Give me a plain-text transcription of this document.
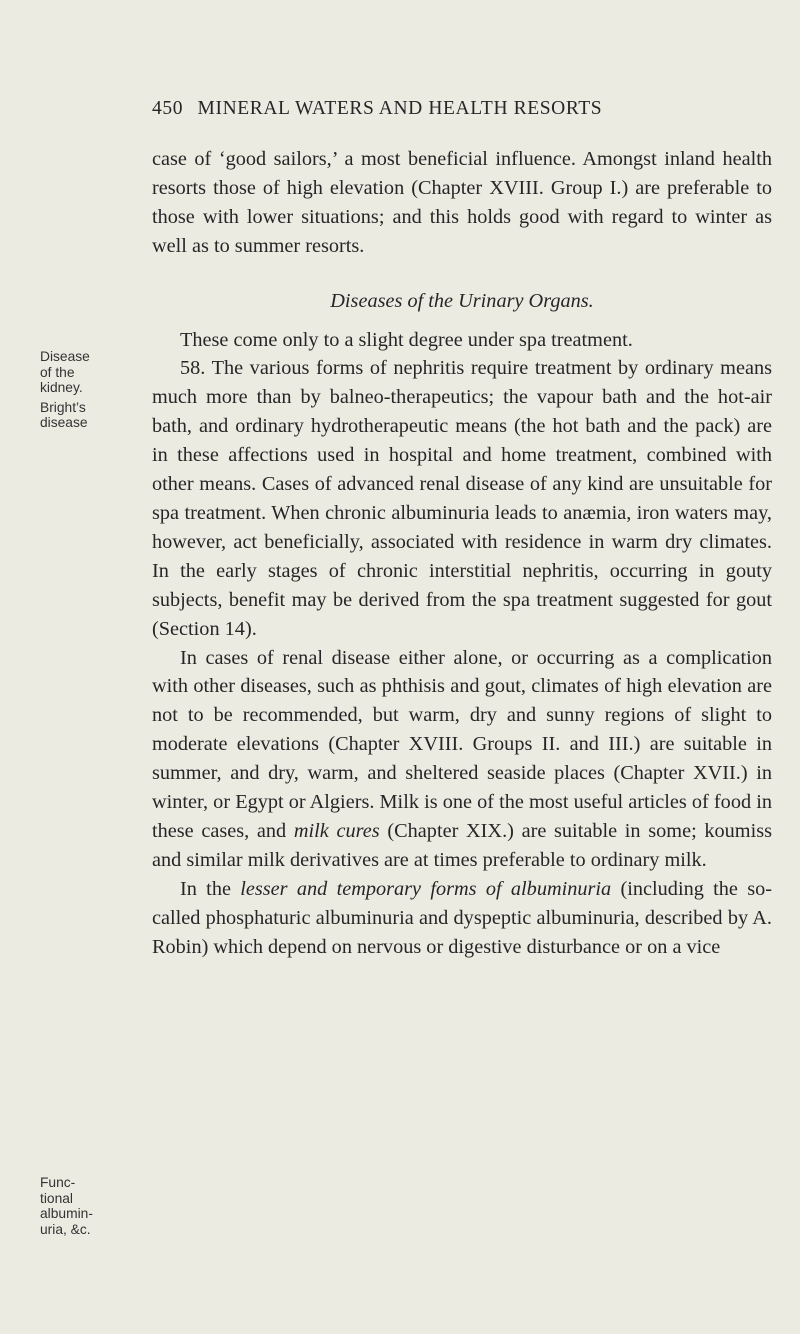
450 MINERAL WATERS AND HEALTH RESORTS
Disease
of the
kidney.
Bright’s
disease
Func-
tional
albumin-
uria, &c.

case of ‘good sailors,’ a most beneficial influence. Amongst inland health resorts those of high elevation (Chapter XVIII. Group I.) are preferable to those with lower situations; and this holds good with regard to winter as well as to summer resorts.

Diseases of the Urinary Organs.

These come only to a slight degree under spa treatment.

58. The various forms of nephritis require treatment by ordinary means much more than by balneo-therapeutics; the vapour bath and the hot-air bath, and ordinary hydrotherapeutic means (the hot bath and the pack) are in these affections used in hospital and home treatment, combined with other means. Cases of advanced renal disease of any kind are unsuitable for spa treatment. When chronic albuminuria leads to anæmia, iron waters may, however, act beneficially, associated with residence in warm dry climates. In the early stages of chronic interstitial nephritis, occurring in gouty subjects, benefit may be derived from the spa treatment suggested for gout (Section 14).

In cases of renal disease either alone, or occurring as a complication with other diseases, such as phthisis and gout, climates of high elevation are not to be recommended, but warm, dry and sunny regions of slight to moderate elevations (Chapter XVIII. Groups II. and III.) are suitable in summer, and dry, warm, and sheltered seaside places (Chapter XVII.) in winter, or Egypt or Algiers. Milk is one of the most useful articles of food in these cases, and milk cures (Chapter XIX.) are suitable in some; koumiss and similar milk derivatives are at times preferable to ordinary milk.

In the lesser and temporary forms of albuminuria (including the so-called phosphaturic albuminuria and dyspeptic albuminuria, described by A. Robin) which depend on nervous or digestive disturbance or on a vice
